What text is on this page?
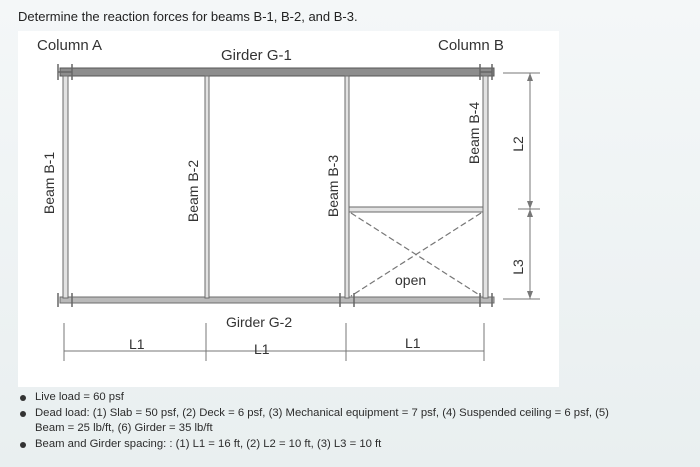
Determine the reaction forces for beams B-1, B-2, and B-3.
Column A	Column B
Girder G-1
Girder G-2
open
Beam B-1	Beam B-2	Beam B-3
Beam B-4
L1	L1	L1
L2
L3
Live load = 60 psf
Dead load: (1) Slab = 50 psf, (2) Deck = 6 psf, (3) Mechanical equipment = 7 psf, (4) Suspended ceiling = 6 psf, (5)
Beam = 25 lb/ft, (6) Girder = 35 lb/ft
Beam and Girder spacing: : (1) L1 = 16 ft, (2) L2 = 10 ft, (3) L3 = 10 ft
